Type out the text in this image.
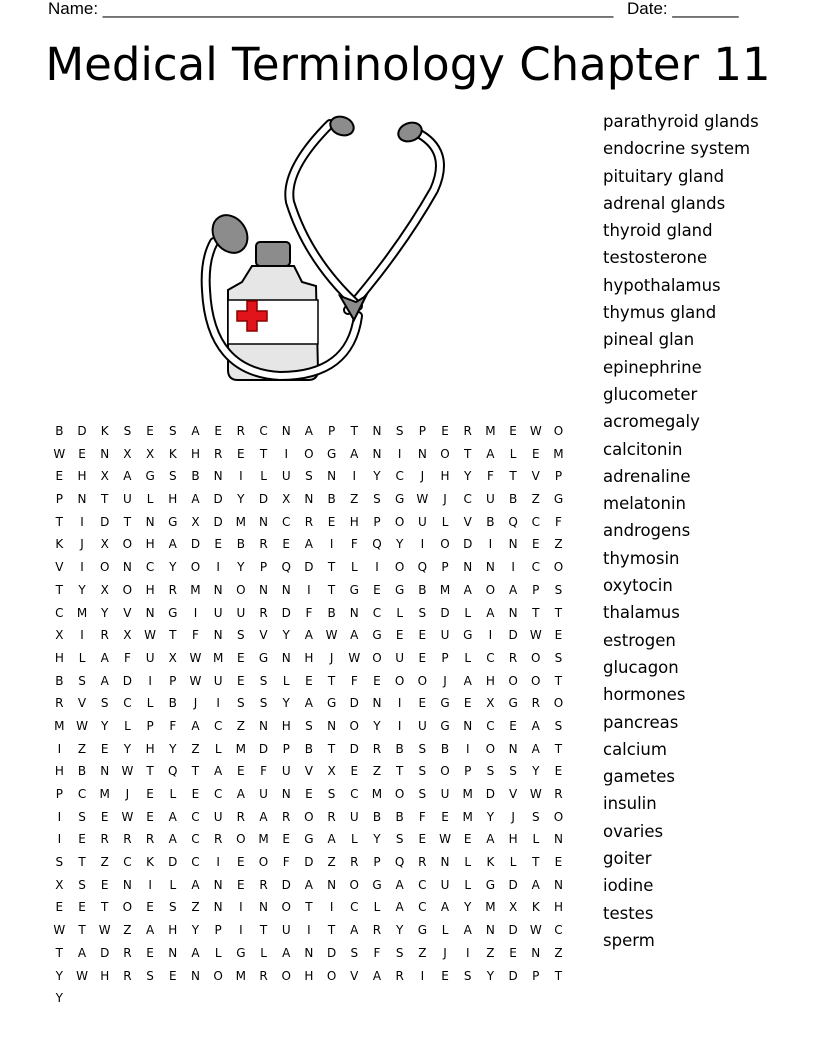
Name: ______________________________________________________ Date: _______
Medical Terminology Chapter 11
B	D	K	S	E	S	A	E	R	C	N	A	P	T	N	S	P	E	R	M	E	W	O
W	E	N	X	X	K	H	R	E	T	I	O	G	A	N	I	N	O	T	A	L	E	M
E	H	X	A	G	S	B	N	I	L	U	S	N	I	Y	C	J	H	Y	F	T	V	P
P	N	T	U	L	H	A	D	Y	D	X	N	B	Z	S	G	W	J	C	U	B	Z	G
T	I	D	T	N	G	X	D	M	N	C	R	E	H	P	O	U	L	V	B	Q	C	F
K	J	X	O	H	A	D	E	B	R	E	A	I	F	Q	Y	I	O	D	I	N	E	Z
V	I	O	N	C	Y	O	I	Y	P	Q	D	T	L	I	O	Q	P	N	N	I	C	O
T	Y	X	O	H	R	M	N	O	N	N	I	T	G	E	G	B	M	A	O	A	P	S
C	M	Y	V	N	G	I	U	U	R	D	F	B	N	C	L	S	D	L	A	N	T	T
X	I	R	X	W	T	F	N	S	V	Y	A	W	A	G	E	E	U	G	I	D	W	E
H	L	A	F	U	X	W M	E	G	N	H	J	W	O	U	E	P	L	C	R	O	S
B	S	A	D	I	P	W	U	E	S	L	E	T	F	E	O	O	J	A	H	O	O	T
R	V	S	C	L	B	J	I	S	S	Y	A	G	D	N	I	E	G	E	X	G	R	O
M W	Y	L	P	F	A	C	Z	N	H	S	N	O	Y	I	U	G	N	C	E	A	S
I	Z	E	Y	H	Y	Z	L	M	D	P	B	T	D	R	B	S	B	I	O	N	A	T
H	B	N	W	T	Q	T	A	E	F	U	V	X	E	Z	T	S	O	P	S	S	Y	E
P	C	M	J	E	L	E	C	A	U	N	E	S	C	M	O	S	U	M	D	V	W	R
I	S	E	W	E	A	C	U	R	A	R	O	R	U	B	B	F	E	M	Y	J	S	O
I	E	R	R	R	A	C	R	O	M	E	G	A	L	Y	S	E	W	E	A	H	L	N
S	T	Z	C	K	D	C	I	E	O	F	D	Z	R	P	Q	R	N	L	K	L	T	E
X	S	E	N	I	L	A	N	E	R	D	A	N	O	G	A	C	U	L	G	D	A	N
E	E	T	O	E	S	Z	N	I	N	O	T	I	C	L	A	C	A	Y	M	X	K	H
W	T	W	Z	A	H	Y	P	I	T	U	I	T	A	R	Y	G	L	A	N	D	W	C
T	A	D	R	E	N	A	L	G	L	A	N	D	S	F	S	Z	J	I	Z	E	N	Z
Y	W	H	R	S	E	N	O	M	R	O	H	O	V	A	R	I	E	S	Y	D	P	T
Y
parathyroid glands
endocrine system
pituitary gland
adrenal glands
thyroid gland
testosterone
hypothalamus
thymus gland
pineal glan
epinephrine
glucometer
acromegaly
calcitonin
adrenaline
melatonin
androgens
thymosin
oxytocin
thalamus
estrogen
glucagon
hormones
pancreas
calcium
gametes
insulin
ovaries
goiter
iodine
testes
sperm
